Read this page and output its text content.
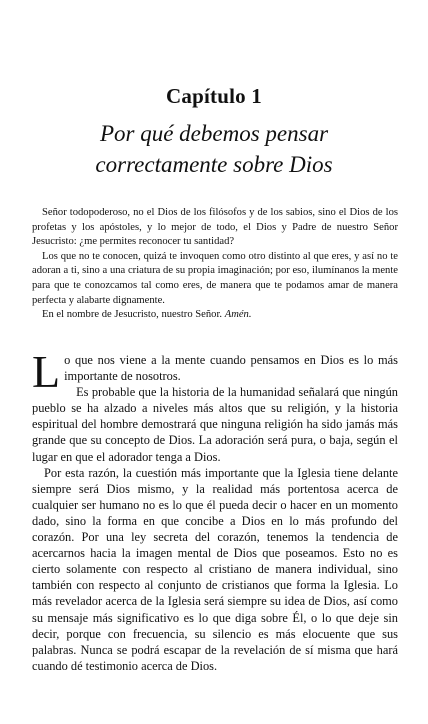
Capítulo 1
Por qué debemos pensar
correctamente sobre Dios

Señor todopoderoso, no el Dios de los filósofos y de los sabios, sino el Dios de los profetas y los apóstoles, y lo mejor de todo, el Dios y Padre de nuestro Señor Jesucristo: ¿me permites reconocer tu santidad?

Los que no te conocen, quizá te invoquen como otro distinto al que eres, y así no te adoran a ti, sino a una criatura de su propia imaginación; por eso, ilumínanos la mente para que te conozcamos tal como eres, de manera que te podamos amar de manera perfecta y alabarte dignamente.

En el nombre de Jesucristo, nuestro Señor. Amén.

Lo que nos viene a la mente cuando pensamos en Dios es lo más importante de nosotros.

Es probable que la historia de la humanidad señalará que ningún pueblo se ha alzado a niveles más altos que su religión, y la historia espiritual del hombre demostrará que ninguna religión ha sido jamás más grande que su concepto de Dios. La adoración será pura, o baja, según el lugar en que el adorador tenga a Dios.

Por esta razón, la cuestión más importante que la Iglesia tiene delante siempre será Dios mismo, y la realidad más portentosa acerca de cualquier ser humano no es lo que él pueda decir o hacer en un momento dado, sino la forma en que concibe a Dios en lo más profundo del corazón. Por una ley secreta del corazón, tenemos la tendencia de acercarnos hacia la imagen mental de Dios que poseamos. Esto no es cierto solamente con respecto al cristiano de manera individual, sino también con respecto al conjunto de cristianos que forma la Iglesia. Lo más revelador acerca de la Iglesia será siempre su idea de Dios, así como su mensaje más significativo es lo que diga sobre Él, o lo que deje sin decir, porque con frecuencia, su silencio es más elocuente que sus palabras. Nunca se podrá escapar de la revelación de sí misma que hará cuando dé testimonio acerca de Dios.
